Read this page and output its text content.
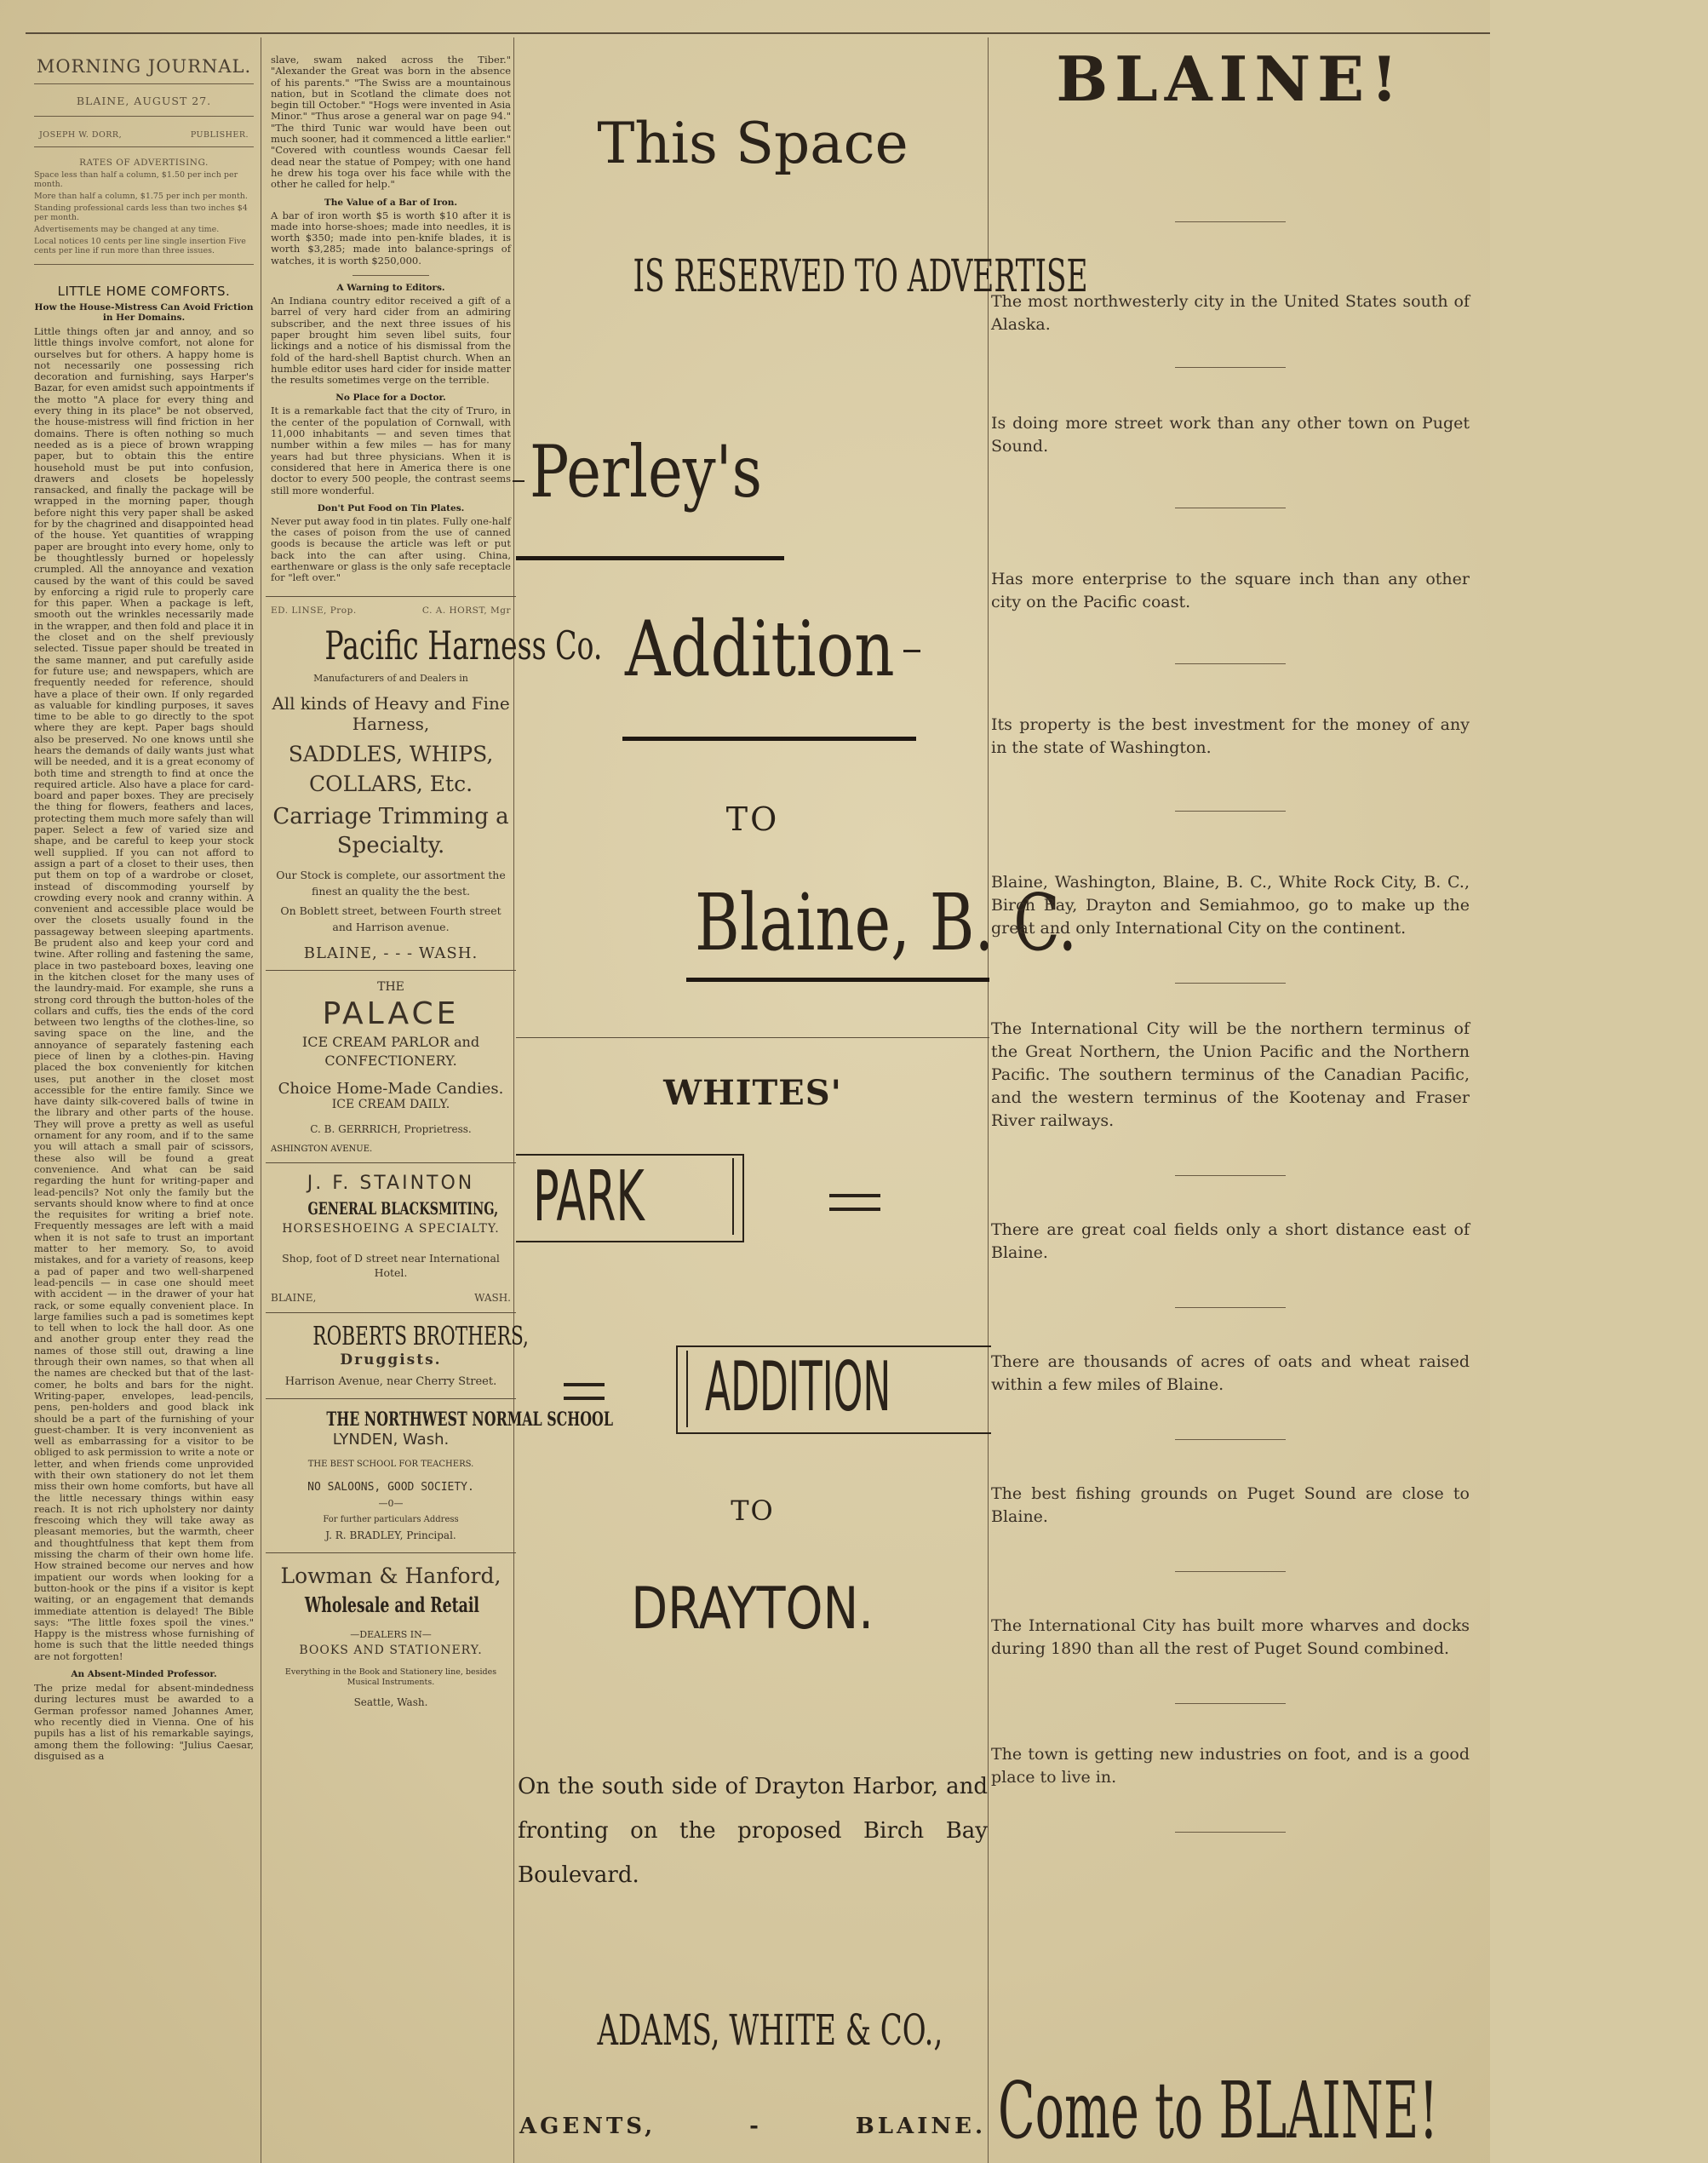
MORNING JOURNAL.
BLAINE, AUGUST 27.
JOSEPH W. DORR,	PUBLISHER.
RATES OF ADVERTISING.
Space less than half a column, $1.50 per inch per month.
More than half a column, $1.75 per inch per month.
Standing professional cards less than two inches $4 per month.
Advertisements may be changed at any time.
Local notices 10 cents per line single insertion Five cents per line if run more than three issues.
LITTLE HOME COMFORTS.
How the House-Mistress Can Avoid Friction in Her Domains.
Little things often jar and annoy, and so little things involve comfort, not alone for ourselves but for others. A happy home is not necessarily one possessing rich decoration and furnishing, says Harper's Bazar, for even amidst such appointments if the motto "A place for every thing and every thing in its place" be not observed, the house-mistress will find friction in her domains. There is often nothing so much needed as is a piece of brown wrapping paper, but to obtain this the entire household must be put into confusion, drawers and closets be hopelessly ransacked, and finally the package will be wrapped in the morning paper, though before night this very paper shall be asked for by the chagrined and disappointed head of the house. Yet quantities of wrapping paper are brought into every home, only to be thoughtlessly burned or hopelessly crumpled. All the annoyance and vexation caused by the want of this could be saved by enforcing a rigid rule to properly care for this paper. When a package is left, smooth out the wrinkles necessarily made in the wrapper, and then fold and place it in the closet and on the shelf previously selected. Tissue paper should be treated in the same manner, and put carefully aside for future use; and newspapers, which are frequently needed for reference, should have a place of their own. If only regarded as valuable for kindling purposes, it saves time to be able to go directly to the spot where they are kept. Paper bags should also be preserved. No one knows until she hears the demands of daily wants just what will be needed, and it is a great economy of both time and strength to find at once the required article. Also have a place for card-board and paper boxes. They are precisely the thing for flowers, feathers and laces, protecting them much more safely than will paper. Select a few of varied size and shape, and be careful to keep your stock well supplied. If you can not afford to assign a part of a closet to their uses, then put them on top of a wardrobe or closet, instead of discommoding yourself by crowding every nook and cranny within. A convenient and accessible place would be over the closets usually found in the passageway between sleeping apartments. Be prudent also and keep your cord and twine. After rolling and fastening the same, place in two pasteboard boxes, leaving one in the kitchen closet for the many uses of the laundry-maid. For example, she runs a strong cord through the button-holes of the collars and cuffs, ties the ends of the cord between two lengths of the clothes-line, so saving space on the line, and the annoyance of separately fastening each piece of linen by a clothes-pin. Having placed the box conveniently for kitchen uses, put another in the closet most accessible for the entire family. Since we have dainty silk-covered balls of twine in the library and other parts of the house. They will prove a pretty as well as useful ornament for any room, and if to the same you will attach a small pair of scissors, these also will be found a great convenience. And what can be said regarding the hunt for writing-paper and lead-pencils? Not only the family but the servants should know where to find at once the requisites for writing a brief note. Frequently messages are left with a maid when it is not safe to trust an important matter to her memory. So, to avoid mistakes, and for a variety of reasons, keep a pad of paper and two well-sharpened lead-pencils — in case one should meet with accident — in the drawer of your hat rack, or some equally convenient place. In large families such a pad is sometimes kept to tell when to lock the hall door. As one and another group enter they read the names of those still out, drawing a line through their own names, so that when all the names are checked but that of the last-comer, he bolts and bars for the night. Writing-paper, envelopes, lead-pencils, pens, pen-holders and good black ink should be a part of the furnishing of your guest-chamber. It is very inconvenient as well as embarrassing for a visitor to be obliged to ask permission to write a note or letter, and when friends come unprovided with their own stationery do not let them miss their own home comforts, but have all the little necessary things within easy reach. It is not rich upholstery nor dainty frescoing which they will take away as pleasant memories, but the warmth, cheer and thoughtfulness that kept them from missing the charm of their own home life. How strained become our nerves and how impatient our words when looking for a button-hook or the pins if a visitor is kept waiting, or an engagement that demands immediate attention is delayed! The Bible says: "The little foxes spoil the vines." Happy is the mistress whose furnishing of home is such that the little needed things are not forgotten!
An Absent-Minded Professor.
The prize medal for absent-mindedness during lectures must be awarded to a German professor named Johannes Amer, who recently died in Vienna. One of his pupils has a list of his remarkable sayings, among them the following: "Julius Caesar, disguised as a
slave, swam naked across the Tiber." "Alexander the Great was born in the absence of his parents." "The Swiss are a mountainous nation, but in Scotland the climate does not begin till October." "Hogs were invented in Asia Minor." "Thus arose a general war on page 94." "The third Tunic war would have been out much sooner, had it commenced a little earlier." "Covered with countless wounds Caesar fell dead near the statue of Pompey; with one hand he drew his toga over his face while with the other he called for help."
The Value of a Bar of Iron.
A bar of iron worth $5 is worth $10 after it is made into horse-shoes; made into needles, it is worth $350; made into pen-knife blades, it is worth $3,285; made into balance-springs of watches, it is worth $250,000.
A Warning to Editors.
An Indiana country editor received a gift of a barrel of very hard cider from an admiring subscriber, and the next three issues of his paper brought him seven libel suits, four lickings and a notice of his dismissal from the fold of the hard-shell Baptist church. When an humble editor uses hard cider for inside matter the results sometimes verge on the terrible.
No Place for a Doctor.
It is a remarkable fact that the city of Truro, in the center of the population of Cornwall, with 11,000 inhabitants — and seven times that number within a few miles — has for many years had but three physicians. When it is considered that here in America there is one doctor to every 500 people, the contrast seems still more wonderful.
Don't Put Food on Tin Plates.
Never put away food in tin plates. Fully one-half the cases of poison from the use of canned goods is because the article was left or put back into the can after using. China, earthenware or glass is the only safe receptacle for "left over."
ED. LINSE, Prop.	C. A. HORST, Mgr
Pacific Harness Co.
Manufacturers of and Dealers in
All kinds of Heavy and Fine Harness,
SADDLES, WHIPS, COLLARS, Etc.
Carriage Trimming a Specialty.
Our Stock is complete, our assortment the finest an quality the the best.
On Boblett street, between Fourth street and Harrison avenue.
BLAINE, - - - WASH.
THE
PALACE
ICE CREAM PARLOR and CONFECTIONERY.
Choice Home-Made Candies.
ICE CREAM DAILY.
C. B. GERRRICH, Proprietress.
ASHINGTON AVENUE.
J. F. STAINTON
GENERAL BLACKSMITING,
HORSESHOEING A SPECIALTY.
Shop, foot of D street near International Hotel.
BLAINE,	WASH.
ROBERTS BROTHERS,
Druggists.
Harrison Avenue, near Cherry Street.
THE NORTHWEST NORMAL SCHOOL
LYNDEN, Wash.
THE BEST SCHOOL FOR TEACHERS.
NO SALOONS, GOOD SOCIETY.
—0—
For further particulars Address
J. R. BRADLEY, Principal.
Lowman & Hanford,
Wholesale and Retail
—DEALERS IN—
BOOKS AND STATIONERY.
Everything in the Book and Stationery line, besides Musical Instruments.
Seattle, Wash.
This Space
IS RESERVED TO ADVERTISE
Perley's
Addition
TO
Blaine, B. C.
WHITES'
PARK
ADDITION
TO
DRAYTON.
On the south side of Drayton Harbor, and fronting on the proposed Birch Bay Boulevard.
ADAMS, WHITE & CO.,
AGENTS,	-	BLAINE.
BLAINE!
The most northwesterly city in the United States south of Alaska.
Is doing more street work than any other town on Puget Sound.
Has more enterprise to the square inch than any other city on the Pacific coast.
Its property is the best investment for the money of any in the state of Washington.
Blaine, Washington, Blaine, B. C., White Rock City, B. C., Birch Bay, Drayton and Semiahmoo, go to make up the great and only International City on the continent.
The International City will be the northern terminus of the Great Northern, the Union Pacific and the Northern Pacific. The southern terminus of the Canadian Pacific, and the western terminus of the Kootenay and Fraser River railways.
There are great coal fields only a short distance east of Blaine.
There are thousands of acres of oats and wheat raised within a few miles of Blaine.
The best fishing grounds on Puget Sound are close to Blaine.
The International City has built more wharves and docks during 1890 than all the rest of Puget Sound combined.
The town is getting new industries on foot, and is a good place to live in.
Come to BLAINE!
